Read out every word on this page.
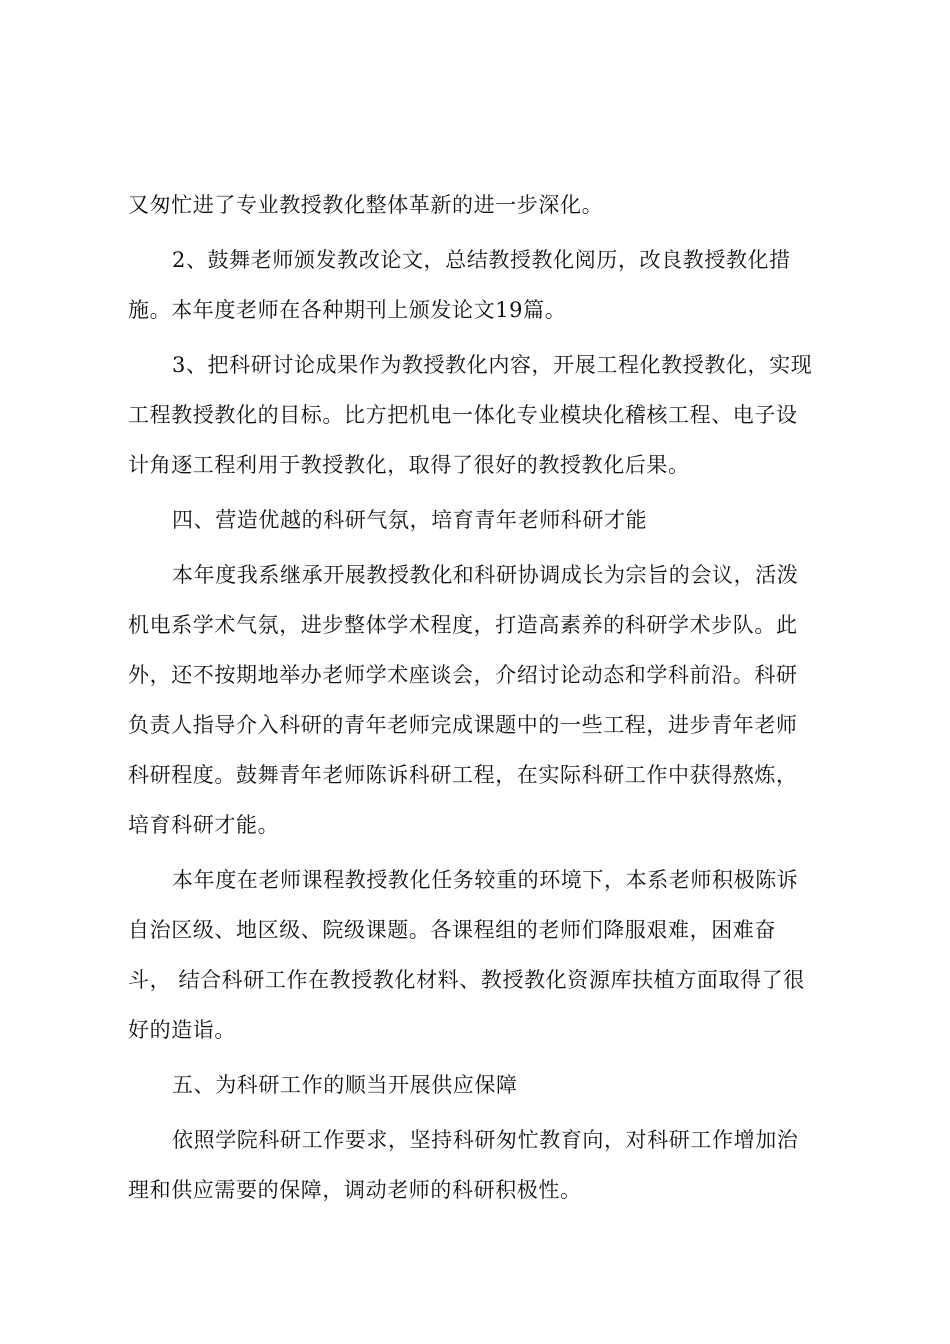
又匆忙进了专业教授教化整体革新的进一步深化。
2、鼓舞老师颁发教改论文，总结教授教化阅历，改良教授教化措
施。本年度老师在各种期刊上颁发论文19篇。
3、把科研讨论成果作为教授教化内容，开展工程化教授教化，实现
工程教授教化的目标。比方把机电一体化专业模块化稽核工程、电子设
计角逐工程利用于教授教化，取得了很好的教授教化后果。
四、营造优越的科研气氛，培育青年老师科研才能
本年度我系继承开展教授教化和科研协调成长为宗旨的会议，活泼
机电系学术气氛，进步整体学术程度，打造高素养的科研学术步队。此
外，还不按期地举办老师学术座谈会，介绍讨论动态和学科前沿。科研
负责人指导介入科研的青年老师完成课题中的一些工程，进步青年老师
科研程度。鼓舞青年老师陈诉科研工程，在实际科研工作中获得熬炼，
培育科研才能。
本年度在老师课程教授教化任务较重的环境下，本系老师积极陈诉
自治区级、地区级、院级课题。各课程组的老师们降服艰难，困难奋
斗， 结合科研工作在教授教化材料、教授教化资源库扶植方面取得了很
好的造诣。
五、为科研工作的顺当开展供应保障
依照学院科研工作要求，坚持科研匆忙教育向，对科研工作增加治
理和供应需要的保障，调动老师的科研积极性。
